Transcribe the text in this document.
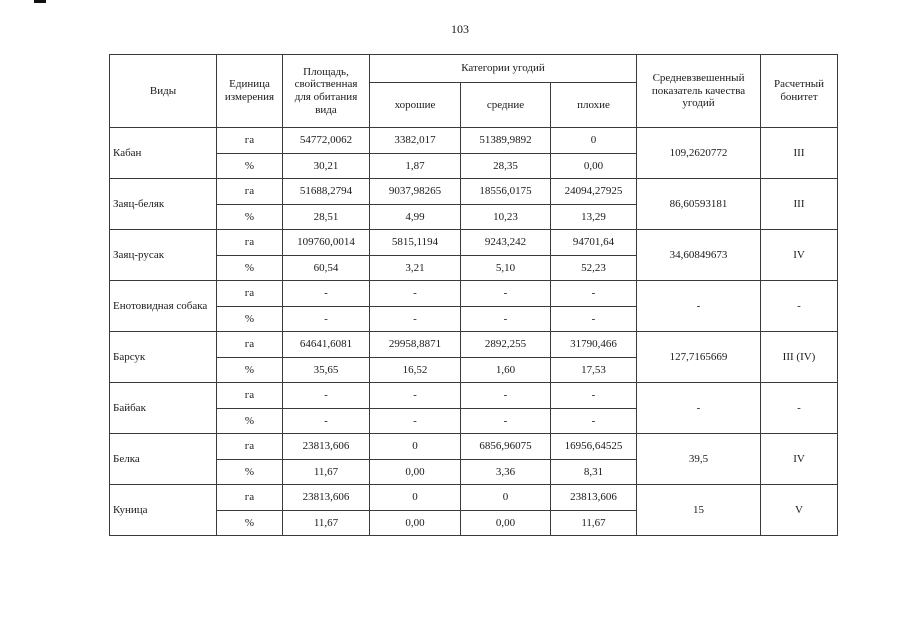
103
Виды	Единица измерения	Площадь, свойственная для обитания вида	Категории угодий			Средневзвешенный показатель качества угодий	Расчетный бонитет
			хорошие	средние	плохие		
Кабан	га	54772,0062	3382,017	51389,9892	0	109,2620772	III
	%	30,21	1,87	28,35	0,00		
Заяц-беляк	га	51688,2794	9037,98265	18556,0175	24094,27925	86,60593181	III
	%	28,51	4,99	10,23	13,29		
Заяц-русак	га	109760,0014	5815,1194	9243,242	94701,64	34,60849673	IV
	%	60,54	3,21	5,10	52,23		
Енотовидная собака	га	-	-	-	-	-	-
	%	-	-	-	-		
Барсук	га	64641,6081	29958,8871	2892,255	31790,466	127,7165669	III (IV)
	%	35,65	16,52	1,60	17,53		
Байбак	га	-	-	-	-	-	-
	%	-	-	-	-		
Белка	га	23813,606	0	6856,96075	16956,64525	39,5	IV
	%	11,67	0,00	3,36	8,31		
Куница	га	23813,606	0	0	23813,606	15	V
	%	11,67	0,00	0,00	11,67		
